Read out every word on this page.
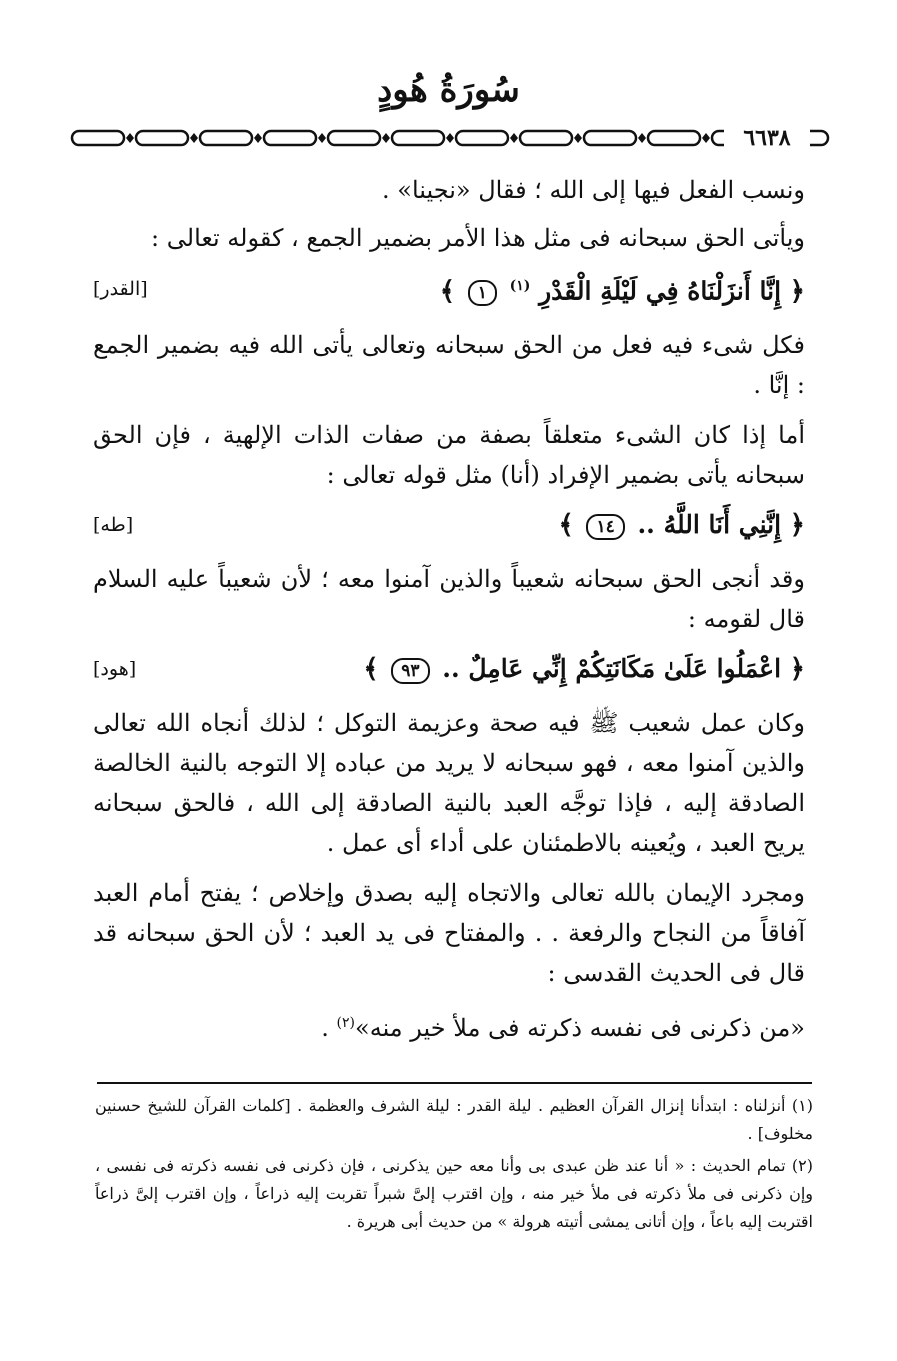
سُورَةُ هُودٍ
٦٦٣٨

ونسب الفعل فيها إلى الله ؛ فقال «نجينا» .

ويأتى الحق سبحانه فى مثل هذا الأمر بضمير الجمع ، كقوله تعالى :

﴿ إِنَّا أَنزَلْنَاهُ فِي لَيْلَةِ الْقَدْرِ $^{(١)}$ ١ ﴾
[القدر]

فكل شىء فيه فعل من الحق سبحانه وتعالى يأتى الله فيه بضمير الجمع : إنَّا .

أما إذا كان الشىء متعلقاً بصفة من صفات الذات الإلهية ، فإن الحق سبحانه يأتى بضمير الإفراد (أنا) مثل قوله تعالى :

﴿ إِنَّنِي أَنَا اللَّهُ .. ١٤ ﴾
[طه]

وقد أنجى الحق سبحانه شعيباً والذين آمنوا معه ؛ لأن شعيباً عليه السلام قال لقومه :

﴿ اعْمَلُوا عَلَىٰ مَكَانَتِكُمْ إِنِّي عَامِلٌ .. ٩٣ ﴾
[هود]

وكان عمل شعيب ﷺ فيه صحة وعزيمة التوكل ؛ لذلك أنجاه الله تعالى والذين آمنوا معه ، فهو سبحانه لا يريد من عباده إلا التوجه بالنية الخالصة الصادقة إليه ، فإذا توجَّه العبد بالنية الصادقة إلى الله ، فالحق سبحانه يريح العبد ، ويُعينه بالاطمئنان على أداء أى عمل .

ومجرد الإيمان بالله تعالى والاتجاه إليه بصدق وإخلاص ؛ يفتح أمام العبد آفاقاً من النجاح والرفعة . . والمفتاح فى يد العبد ؛ لأن الحق سبحانه قد قال فى الحديث القدسى :

«من ذكرنى فى نفسه ذكرته فى ملأ خير منه»$^{(٢)}$ .

(١) أنزلناه : ابتدأنا إنزال القرآن العظيم . ليلة القدر : ليلة الشرف والعظمة . [كلمات القرآن للشيخ حسنين مخلوف] .

(٢) تمام الحديث : « أنا عند ظن عبدى بى وأنا معه حين يذكرنى ، فإن ذكرنى فى نفسه ذكرته فى نفسى ، وإن ذكرنى فى ملأ ذكرته فى ملأ خير منه ، وإن اقترب إلىَّ شبراً تقربت إليه ذراعاً ، وإن اقترب إلىَّ ذراعاً اقتربت إليه باعاً ، وإن أتانى يمشى أتيته هرولة » من حديث أبى هريرة .
